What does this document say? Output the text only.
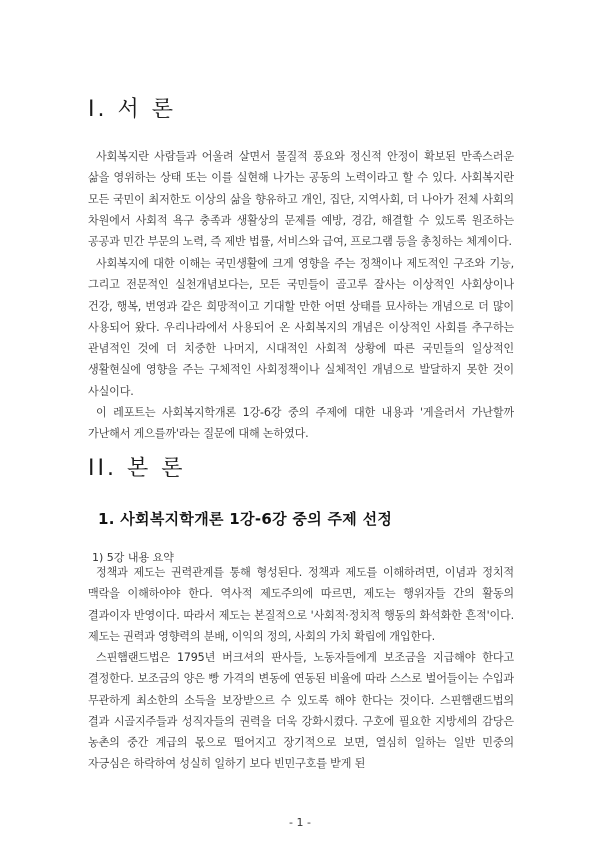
I. 서 론

사회복지란 사람들과 어울려 살면서 물질적 풍요와 정신적 안정이 확보된 만족스러운 삶을 영위하는 상태 또는 이를 실현해 나가는 공동의 노력이라고 할 수 있다. 사회복지란 모든 국민이 최저한도 이상의 삶을 향유하고 개인, 집단, 지역사회, 더 나아가 전체 사회의 차원에서 사회적 욕구 충족과 생활상의 문제를 예방, 경감, 해결할 수 있도록 원조하는 공공과 민간 부문의 노력, 즉 제반 법률, 서비스와 급여, 프로그램 등을 총칭하는 체계이다.

사회복지에 대한 이해는 국민생활에 크게 영향을 주는 정책이나 제도적인 구조와 기능, 그리고 전문적인 실천개념보다는, 모든 국민들이 골고루 잘사는 이상적인 사회상이나 건강, 행복, 번영과 같은 희망적이고 기대할 만한 어떤 상태를 묘사하는 개념으로 더 많이 사용되어 왔다. 우리나라에서 사용되어 온 사회복지의 개념은 이상적인 사회를 추구하는 관념적인 것에 더 치중한 나머지, 시대적인 사회적 상황에 따른 국민들의 일상적인 생활현실에 영향을 주는 구체적인 사회정책이나 실체적인 개념으로 발달하지 못한 것이 사실이다.

이 레포트는 사회복지학개론 1강-6강 중의 주제에 대한 내용과 '게을러서 가난할까 가난해서 게으를까'라는 질문에 대해 논하였다.

II. 본 론
1. 사회복지학개론 1강-6강 중의 주제 선정

1) 5강 내용 요약

정책과 제도는 권력관계를 통해 형성된다. 정책과 제도를 이해하려면, 이념과 정치적 맥락을 이해하야야 한다. 역사적 제도주의에 따르면, 제도는 행위자들 간의 활동의 결과이자 반영이다. 따라서 제도는 본질적으로 '사회적·정치적 행동의 화석화한 흔적'이다. 제도는 권력과 영향력의 분배, 이익의 정의, 사회의 가치 확립에 개입한다.

스핀햄랜드법은 1795년 버크셔의 판사들, 노동자들에게 보조금을 지급해야 한다고 결정한다. 보조금의 양은 빵 가격의 변동에 연동된 비율에 따라 스스로 벌어들이는 수입과 무관하게 최소한의 소득을 보장받으르 수 있도록 해야 한다는 것이다. 스핀햄랜드법의 결과 시골지주들과 성직자들의 권력을 더욱 강화시켰다. 구호에 필요한 지방세의 감당은 농촌의 중간 계급의 몫으로 떨어지고 장기적으로 보면, 열심히 일하는 일반 민중의 자긍심은 하락하여 성실히 일하기 보다 빈민구호를 받게 된

- 1 -
